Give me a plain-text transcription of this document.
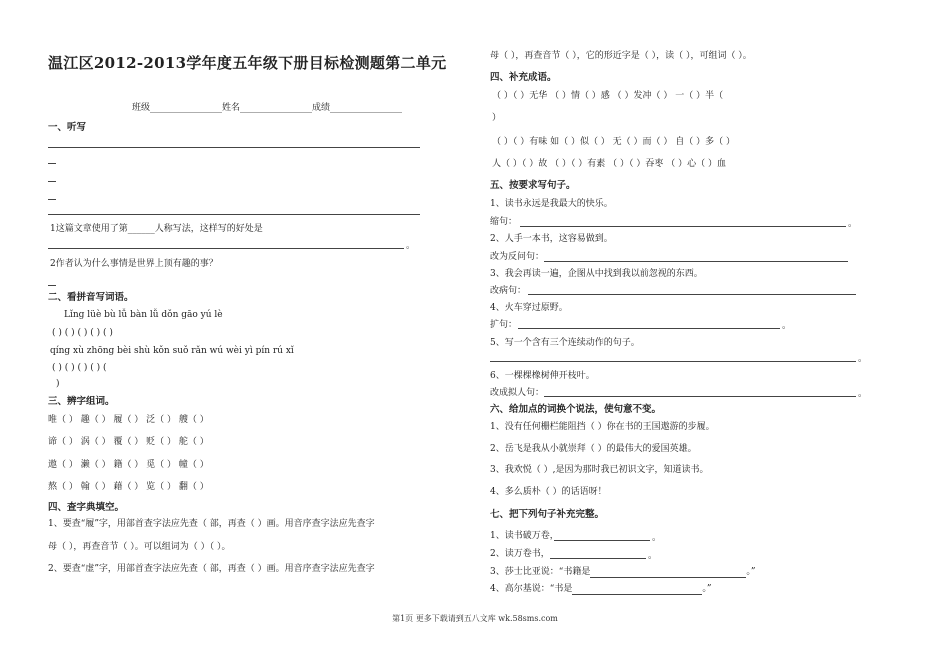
温江区2012-2013学年度五年级下册目标检测题第二单元
班级________________姓名________________成绩________________
一、听写
1这篇文章使用了第______人称写法，这样写的好处是
。
2作者认为什么事情是世界上顶有趣的事？
二、看拼音写词语。
Lǐng lüè bù lǚ bàn lǚ dǒn gāo yú lè
( ) ( ) ( ) ( ) ( )
qíng xù zhōng bèi shù kǒn suǒ rǎn wú wèi yì pín rú xǐ
( ) ( ) ( ) ( ) (
)
三、辨字组词。
唯（ ） 趣（ ） 履（ ） 泛（ ） 艘（ ）
谛（ ） 涡（ ） 覆（ ） 贬（ ） 舵（ ）
遨（ ） 濑（ ） 籍（ ） 觅（ ） 幢（ ）
熬（ ） 翰（ ） 藉（ ） 览（ ） 翻（ ）
四、查字典填空。
1、要查“履”字，用部首查字法应先查（ 部，再查（ ）画。用音序查字法应先查字
母（ ），再查音节（ ）。可以组词为（ ）（ ）。
2、要查“虚”字，用部首查字法应先查（ 部，再查（ ）画。用音序查字法应先查字
母（ ），再查音节（ ），它的形近字是（ ），读（ ），可组词（ ）。
四、补充成语。
（ ）（ ）无华 （ ）情（ ）感 （ ）发冲（ ） 一（ ）半（
）
（ ）（ ）有味 如（ ）似（ ） 无（ ）而（ ） 自（ ）多（ ）
人（ ）（ ）故 （ ）（ ）有素 （ ）（ ）吞枣 （ ）心（ ）血
五、按要求写句子。
1、读书永远是我最大的快乐。
缩句：	。
2、人手一本书，这容易做到。
改为反问句：
3、我会再读一遍，企图从中找到我以前忽视的东西。
改病句：
4、火车穿过原野。
扩句：	。
5、写一个含有三个连续动作的句子。
。
6、一棵棵橡树伸开枝叶。
改成拟人句：	。
六、给加点的词换个说法，使句意不变。
1、没有任何栅栏能阻挡（ ）你在书的王国遨游的步履。
2、岳飞是我从小就崇拜（ ）的最伟大的爱国英雄。
3、我欢悦（ ）,是因为那时我已初识文字，知道读书。
4、多么质朴（ ）的话语呀！
七、把下列句子补充完整。
1、读书破万卷，	。
2、读万卷书，	。
3、莎士比亚说：“书籍是	。”
4、高尔基说：“书是	。”
第1页 更多下载请到五八文库 wk.58sms.com
